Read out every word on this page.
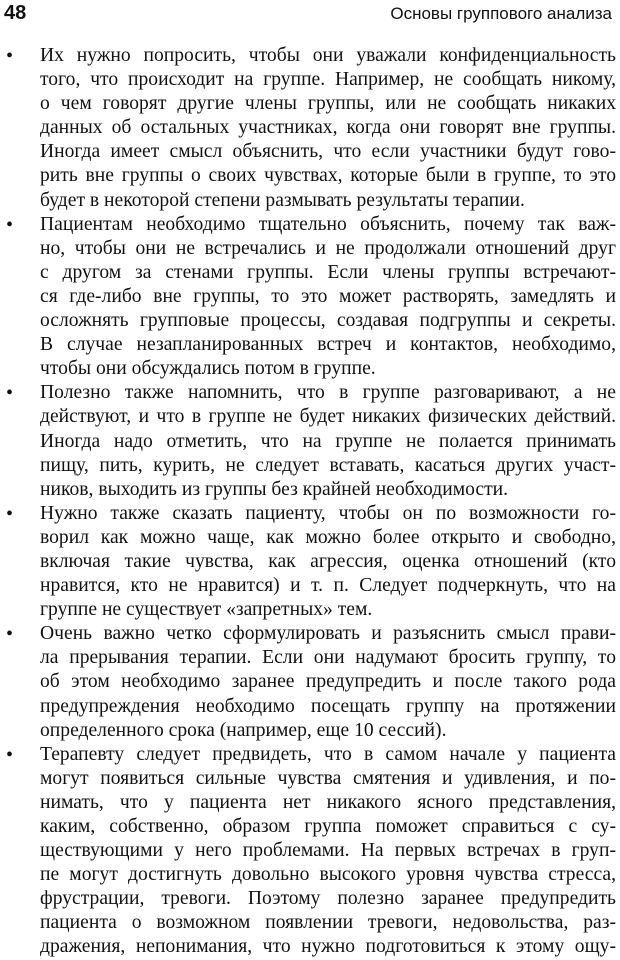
48	Основы группового анализа
• Их нужно попросить, чтобы они уважали конфиденциальность
того, что происходит на группе. Например, не сообщать никому,
о чем говорят другие члены группы, или не сообщать никаких
данных об остальных участниках, когда они говорят вне группы.
Иногда имеет смысл объяснить, что если участники будут гово-
рить вне группы о своих чувствах, которые были в группе, то это
будет в некоторой степени размывать результаты терапии.
• Пациентам необходимо тщательно объяснить, почему так важ-
но, чтобы они не встречались и не продолжали отношений друг
с другом за стенами группы. Если члены группы встречают-
ся где-либо вне группы, то это может растворять, замедлять и
осложнять групповые процессы, создавая подгруппы и секреты.
В случае незапланированных встреч и контактов, необходимо,
чтобы они обсуждались потом в группе.
• Полезно также напомнить, что в группе разговаривают, а не
действуют, и что в группе не будет никаких физических действий.
Иногда надо отметить, что на группе не полается принимать
пищу, пить, курить, не следует вставать, касаться других участ-
ников, выходить из группы без крайней необходимости.
• Нужно также сказать пациенту, чтобы он по возможности го-
ворил как можно чаще, как можно более открыто и свободно,
включая такие чувства, как агрессия, оценка отношений (кто
нравится, кто не нравится) и т. п. Следует подчеркнуть, что на
группе не существует «запретных» тем.
• Очень важно четко сформулировать и разъяснить смысл прави-
ла прерывания терапии. Если они надумают бросить группу, то
об этом необходимо заранее предупредить и после такого рода
предупреждения необходимо посещать группу на протяжении
определенного срока (например, еще 10 сессий).
• Терапевту следует предвидеть, что в самом начале у пациента
могут появиться сильные чувства смятения и удивления, и по-
нимать, что у пациента нет никакого ясного представления,
каким, собственно, образом группа поможет справиться с су-
ществующими у него проблемами. На первых встречах в груп-
пе могут достигнуть довольно высокого уровня чувства стресса,
фрустрации, тревоги. Поэтому полезно заранее предупредить
пациента о возможном появлении тревоги, недовольства, раз-
дражения, непонимания, что нужно подготовиться к этому ощу-
